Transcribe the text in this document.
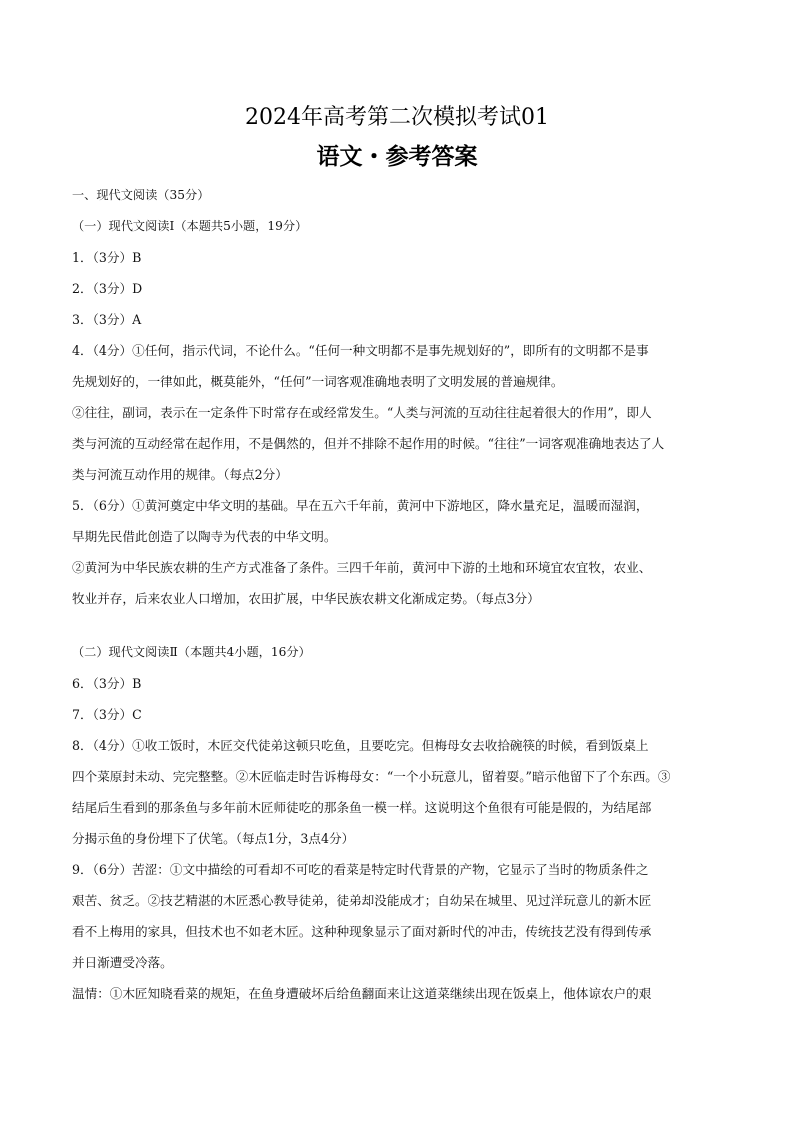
2024年高考第二次模拟考试01
语文・参考答案
一、现代文阅读（35分）
（一）现代文阅读Ⅰ（本题共5小题，19分）
1．（3分）B
2．（3分）D
3．（3分）A
4．（4分）①任何，指示代词，不论什么。“任何一种文明都不是事先规划好的”，即所有的文明都不是事
先规划好的，一律如此，概莫能外，“任何”一词客观准确地表明了文明发展的普遍规律。
②往往，副词，表示在一定条件下时常存在或经常发生。“人类与河流的互动往往起着很大的作用”，即人
类与河流的互动经常在起作用，不是偶然的，但并不排除不起作用的时候。“往往”一词客观准确地表达了人
类与河流互动作用的规律。（每点2分）
5．（6分）①黄河奠定中华文明的基础。早在五六千年前，黄河中下游地区，降水量充足，温暖而湿润，
早期先民借此创造了以陶寺为代表的中华文明。
②黄河为中华民族农耕的生产方式准备了条件。三四千年前，黄河中下游的土地和环境宜农宜牧，农业、
牧业并存，后来农业人口增加，农田扩展，中华民族农耕文化渐成定势。（每点3分）
（二）现代文阅读Ⅱ（本题共4小题，16分）
6．（3分）B
7．（3分）C
8．（4分）①收工饭时，木匠交代徒弟这顿只吃鱼，且要吃完。但梅母女去收拾碗筷的时候，看到饭桌上
四个菜原封未动、完完整整。②木匠临走时告诉梅母女：“一个小玩意儿，留着耍。”暗示他留下了个东西。③
结尾后生看到的那条鱼与多年前木匠师徒吃的那条鱼一模一样。这说明这个鱼很有可能是假的，为结尾部
分揭示鱼的身份埋下了伏笔。（每点1分，3点4分）
9．（6分）苦涩：①文中描绘的可看却不可吃的看菜是特定时代背景的产物，它显示了当时的物质条件之
艰苦、贫乏。②技艺精湛的木匠悉心教导徒弟，徒弟却没能成才；自幼呆在城里、见过洋玩意儿的新木匠
看不上梅用的家具，但技术也不如老木匠。这种种现象显示了面对新时代的冲击，传统技艺没有得到传承
并日渐遭受冷落。
温情：①木匠知晓看菜的规矩，在鱼身遭破坏后给鱼翻面来让这道菜继续出现在饭桌上，他体谅农户的艰
